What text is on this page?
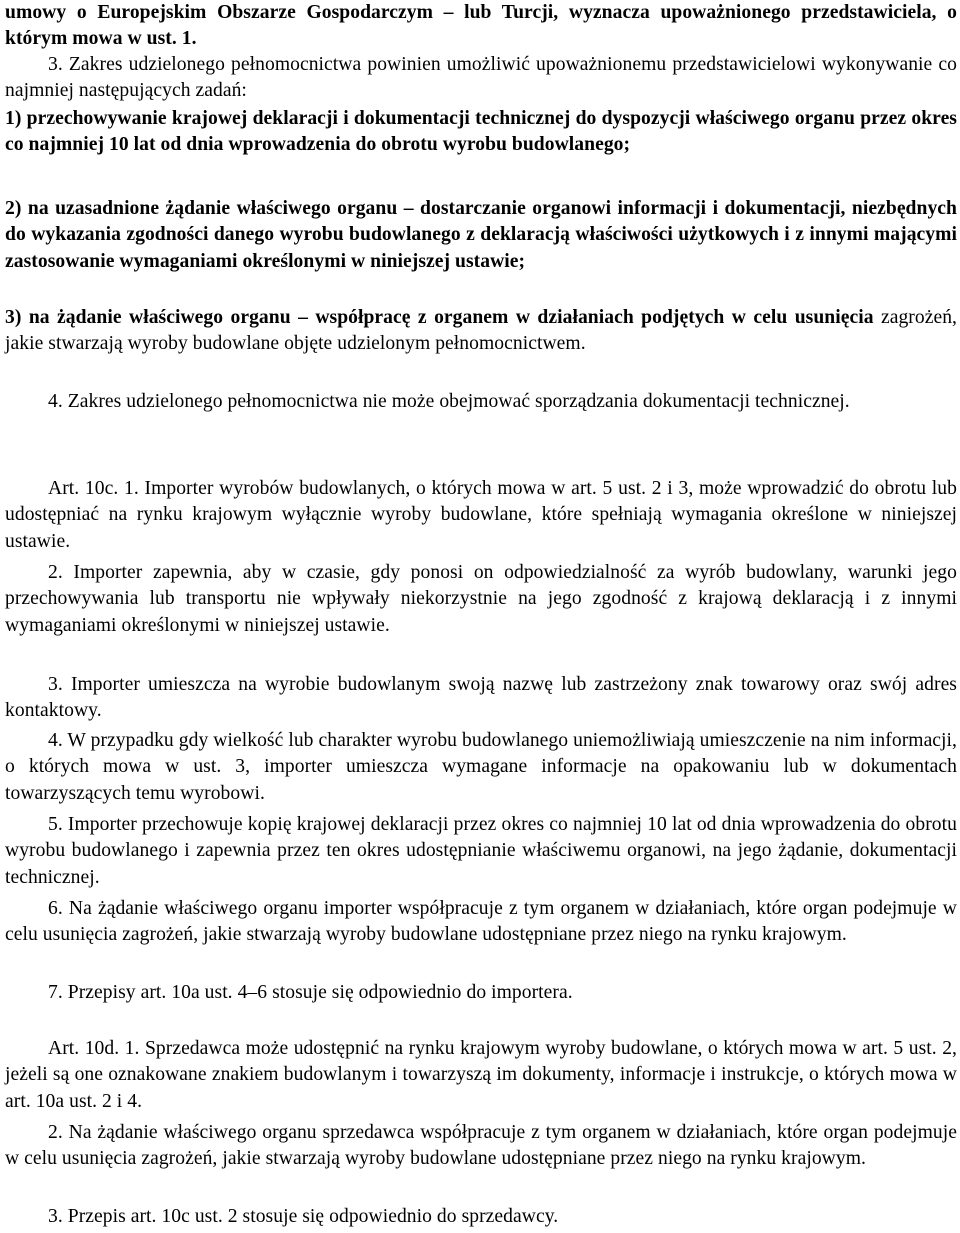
umowy o Europejskim Obszarze Gospodarczym – lub Turcji, wyznacza upoważnionego przedstawiciela, o którym mowa w ust. 1.

3. Zakres udzielonego pełnomocnictwa powinien umożliwić upoważnionemu przedstawicielowi wykonywanie co najmniej następujących zadań:

1) przechowywanie krajowej deklaracji i dokumentacji technicznej do dyspozycji właściwego organu przez okres co najmniej 10 lat od dnia wprowadzenia do obrotu wyrobu budowlanego;

2) na uzasadnione żądanie właściwego organu – dostarczanie organowi informacji i dokumentacji, niezbędnych do wykazania zgodności danego wyrobu budowlanego z deklaracją właściwości użytkowych i z innymi mającymi zastosowanie wymaganiami określonymi w niniejszej ustawie;

3) na żądanie właściwego organu – współpracę z organem w działaniach podjętych w celu usunięcia zagrożeń, jakie stwarzają wyroby budowlane objęte udzielonym pełnomocnictwem.

4. Zakres udzielonego pełnomocnictwa nie może obejmować sporządzania dokumentacji technicznej.

Art. 10c. 1. Importer wyrobów budowlanych, o których mowa w art. 5 ust. 2 i 3, może wprowadzić do obrotu lub udostępniać na rynku krajowym wyłącznie wyroby budowlane, które spełniają wymagania określone w niniejszej ustawie.

2. Importer zapewnia, aby w czasie, gdy ponosi on odpowiedzialność za wyrób budowlany, warunki jego przechowywania lub transportu nie wpływały niekorzystnie na jego zgodność z krajową deklaracją i z innymi wymaganiami określonymi w niniejszej ustawie.

3. Importer umieszcza na wyrobie budowlanym swoją nazwę lub zastrzeżony znak towarowy oraz swój adres kontaktowy.

4. W przypadku gdy wielkość lub charakter wyrobu budowlanego uniemożliwiają umieszczenie na nim informacji, o których mowa w ust. 3, importer umieszcza wymagane informacje na opakowaniu lub w dokumentach towarzyszących temu wyrobowi.

5. Importer przechowuje kopię krajowej deklaracji przez okres co najmniej 10 lat od dnia wprowadzenia do obrotu wyrobu budowlanego i zapewnia przez ten okres udostępnianie właściwemu organowi, na jego żądanie, dokumentacji technicznej.

6. Na żądanie właściwego organu importer współpracuje z tym organem w działaniach, które organ podejmuje w celu usunięcia zagrożeń, jakie stwarzają wyroby budowlane udostępniane przez niego na rynku krajowym.

7. Przepisy art. 10a ust. 4–6 stosuje się odpowiednio do importera.

Art. 10d. 1. Sprzedawca może udostępnić na rynku krajowym wyroby budowlane, o których mowa w art. 5 ust. 2, jeżeli są one oznakowane znakiem budowlanym i towarzyszą im dokumenty, informacje i instrukcje, o których mowa w art. 10a ust. 2 i 4.

2. Na żądanie właściwego organu sprzedawca współpracuje z tym organem w działaniach, które organ podejmuje w celu usunięcia zagrożeń, jakie stwarzają wyroby budowlane udostępniane przez niego na rynku krajowym.

3. Przepis art. 10c ust. 2 stosuje się odpowiednio do sprzedawcy.
